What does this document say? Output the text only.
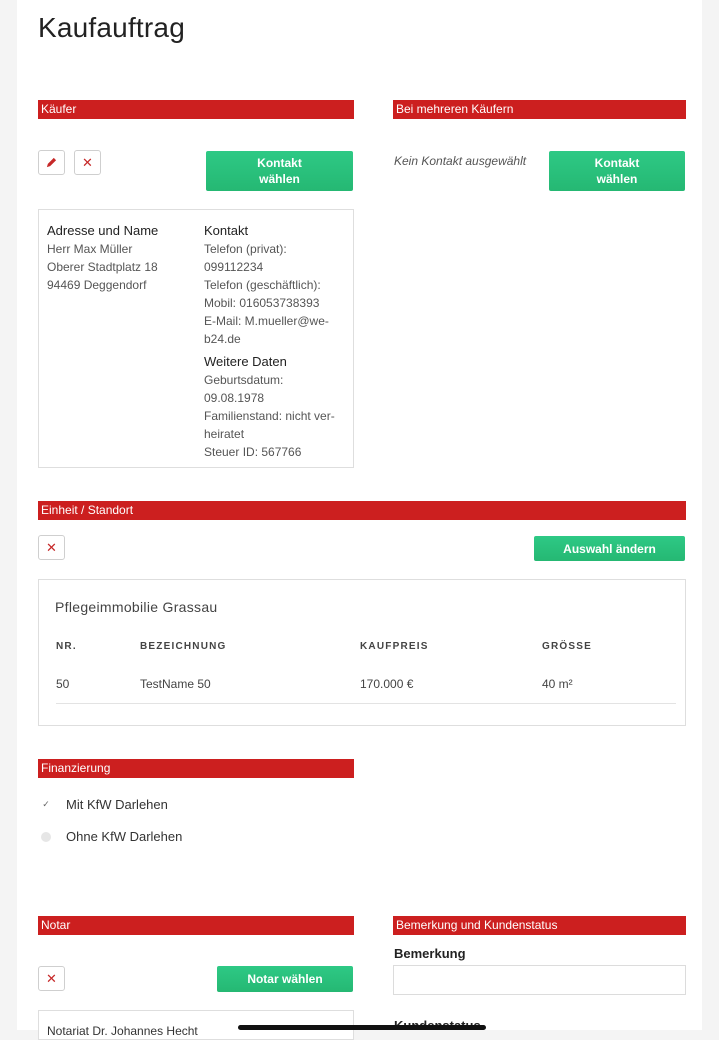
Kaufauftrag
Käufer
✕	Kontakt
wählen
Adresse und Name
Herr Max Müller
Oberer Stadtplatz 18
94469 Deggendorf
Kontakt
Telefon (privat):
099112234
Telefon (geschäftlich):
Mobil: 016053738393
E-Mail: M.mueller@we-
b24.de
Weitere Daten
Geburtsdatum:
09.08.1978
Familienstand: nicht ver-
heiratet
Steuer ID: 567766
Bei mehreren Käufern
Kein Kontakt ausgewählt	Kontakt
wählen
Einheit / Standort
✕	Auswahl ändern
Pflegeimmobilie Grassau
NR.	BEZEICHNUNG	KAUFPREIS	GRÖSSE
50	TestName 50	170.000 €	40 m²
Finanzierung
✓ Mit KfW Darlehen
Ohne KfW Darlehen
Notar
✕	Notar wählen
Notariat Dr. Johannes Hecht
Bemerkung und Kundenstatus
Bemerkung
